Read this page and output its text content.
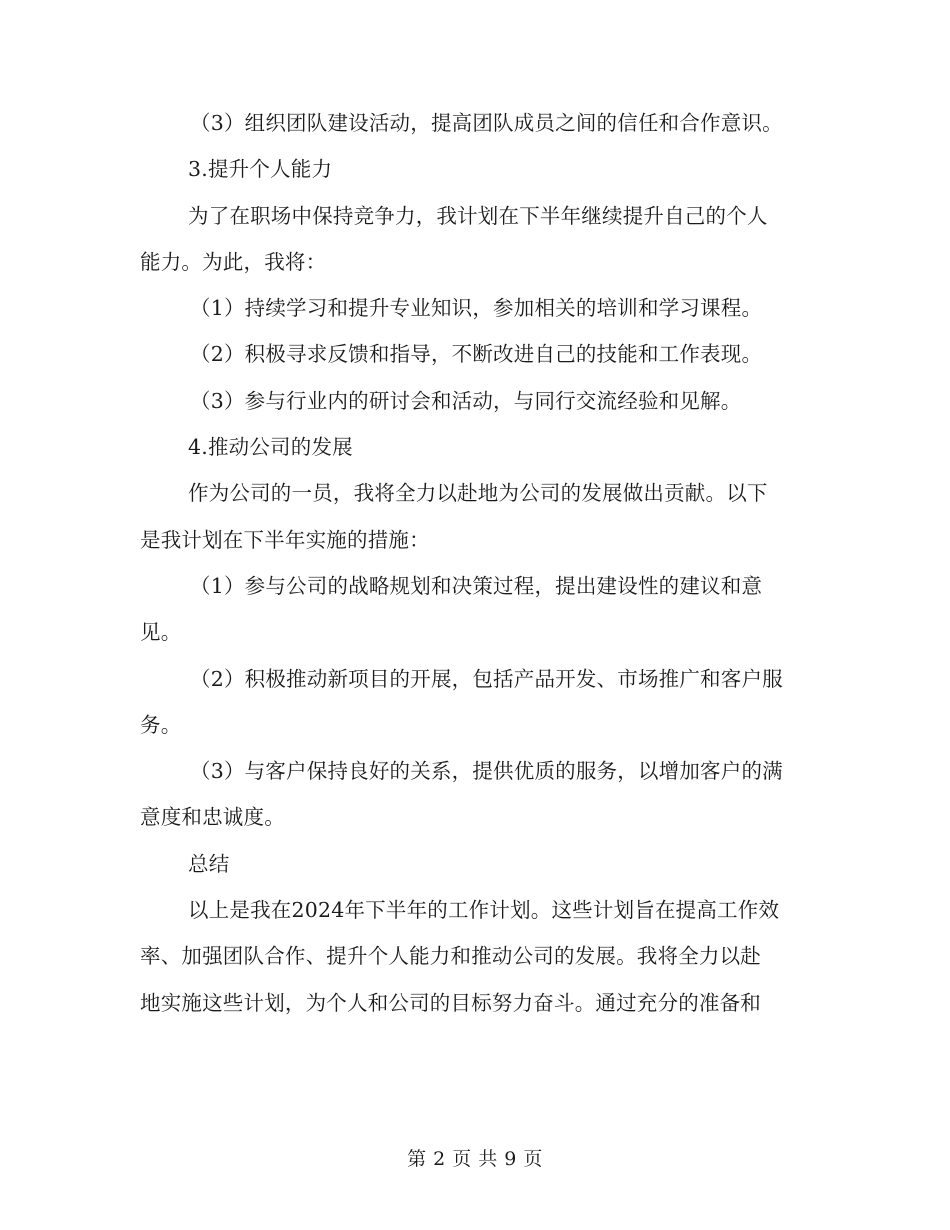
（3）组织团队建设活动，提高团队成员之间的信任和合作意识。
3.提升个人能力
为了在职场中保持竞争力，我计划在下半年继续提升自己的个人
能力。为此，我将：
（1）持续学习和提升专业知识，参加相关的培训和学习课程。
（2）积极寻求反馈和指导，不断改进自己的技能和工作表现。
（3）参与行业内的研讨会和活动，与同行交流经验和见解。
4.推动公司的发展
作为公司的一员，我将全力以赴地为公司的发展做出贡献。以下
是我计划在下半年实施的措施：
（1）参与公司的战略规划和决策过程，提出建设性的建议和意
见。
（2）积极推动新项目的开展，包括产品开发、市场推广和客户服
务。
（3）与客户保持良好的关系，提供优质的服务，以增加客户的满
意度和忠诚度。
总结
以上是我在2024年下半年的工作计划。这些计划旨在提高工作效
率、加强团队合作、提升个人能力和推动公司的发展。我将全力以赴
地实施这些计划，为个人和公司的目标努力奋斗。通过充分的准备和
第 2 页 共 9 页
